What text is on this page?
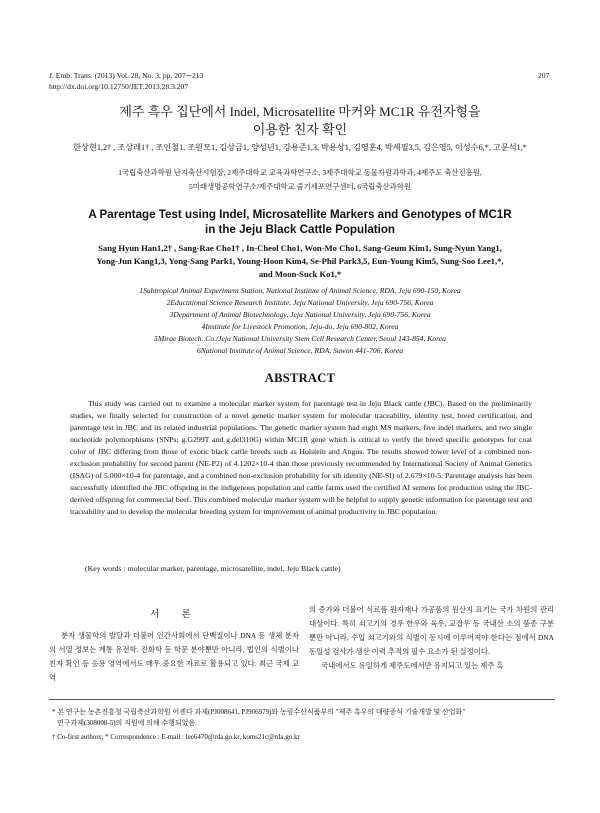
J. Emb. Trans. (2013) Vol. 28, No. 3, pp. 207∼213
http://dx.doi.org/10.12750/JET.2013.28.3.207
207
제주 흑우 집단에서 Indel, Microsatellite 마커와 MC1R 유전자형을
이용한 친자 확인
한상현1,2† , 조상래1† , 조인철1, 조원모1, 김상금1, 양성년1, 강용준1,3, 박용상1, 김영훈4, 박세필3,5, 김은영5, 이성수6,*, 고문석1,*
1국립축산과학원 난지축산시험장, 2제주대학교 교육과학연구소, 3제주대학교 동물자원과학과, 4제주도 축산진흥원,
5미래생명공학연구소/제주대학교 줄기세포연구센터, 6국립축산과학원
A Parentage Test using Indel, Microsatellite Markers and Genotypes of MC1R
in the Jeju Black Cattle Population
Sang Hyun Han1,2† , Sang-Rae Cho1† , In-Cheol Cho1, Won-Mo Cho1, Sang-Geum Kim1, Sung-Nyun Yang1,
Yong-Jun Kang1,3, Yong-Sang Park1, Young-Hoon Kim4, Se-Phil Park3,5, Eun-Young Kim5, Sung-Soo Lee1,*,
and Moon-Suck Ko1,*
1Subtropical Animal Experiment Station, National Institute of Animal Science, RDA, Jeju 690-150, Korea
2Educational Science Research Institute, Jeju National University, Jeju 690-756, Korea
3Department of Animal Biotechnology, Jeju National University, Jeju 690-756, Korea
4Institute for Livestock Promotion, Jeju-do, Jeju 690-802, Korea
5Mirae Biotech. Co./Jeju National University Stem Cell Research Center, Seoul 143-854, Korea
6National Institute of Animal Science, RDA, Suwon 441-706, Korea
ABSTRACT

This study was carried out to examine a molecular marker system for parentage test in Jeju Black cattle (JBC). Based on the preliminarily studies, we finally selected for construction of a novel genetic marker system for molecular traceability, identity test, breed certification, and parentage test in JBC and its related industrial populations. The genetic marker system had eight MS markers, five indel markers, and two single nucleotide polymorphisms (SNPs; g.G299T and g.del310G) within MC1R gene which is critical to verify the breed specific genotypes for coat color of JBC differing from those of exotic black cattle breeds such as Holstein and Angus. The results showed lower level of a combined non-exclusion probability for second parent (NE-P2) of 4.1202×10-4 than those previously recommended by International Society of Animal Genetics (ISAG) of 5.000×10-4 for parentage, and a combined non-exclusion probability for sib identity (NE-SI) of 2.679×10-5. Parentage analysis has been successfully identified the JBC offspring in the indigenous population and cattle farms used the certified AI semens for production using the JBC-derived offspring for commercial beef. This combined molecular marker system will be helpful to supply genetic information for parentage test and traceability and to develop the molecular breeding system for improvement of animal productivity in JBC population.

(Key words : molecular marker, parentage, microsatellite, indel, Jeju Black cattle)
서 론

분자 생물학의 발달과 더불어 인간사회에서 단백질이나 DNA 등 생체 분자의 서열 정보는 계통 유전학, 진화학 등 학문 분야뿐만 아니라, 법인의 식별이나 친자 확인 등 응용 영역에서도 매우 중요한 자료로 활용되고 있다. 최근 국제 교역

의 증가와 더불어 식료품 원자재나 가공품의 원산지 표기는 국가 차원의 관리 대상이다. 특히 쇠고기의 경우 한우와 육우, 교잡우 등 국내산 소의 품종 구분뿐만 아니라, 수입 쇠고기와의 식별이 동시에 이루어져야 한다는 점에서 DNA 동일성 검사가 생산 이력 추적의 필수 요소가 된 실정이다.

국내에서도 유일하게 제주도에서만 유지되고 있는 제주 흑

* 본 연구는 농촌진흥청 국립축산과학원 어젠다 과제(PJ008641, PJ906979)와 농림수산식품부의 "제주 흑우의 대량증식 기술개발 및 산업화"
연구과제(308008-5)의 지원에 의해 수행되었음.
† Co-first authors; * Correspondence : E-mail : lee6470@rda.go.kr, koms21c@rda.go.kr
